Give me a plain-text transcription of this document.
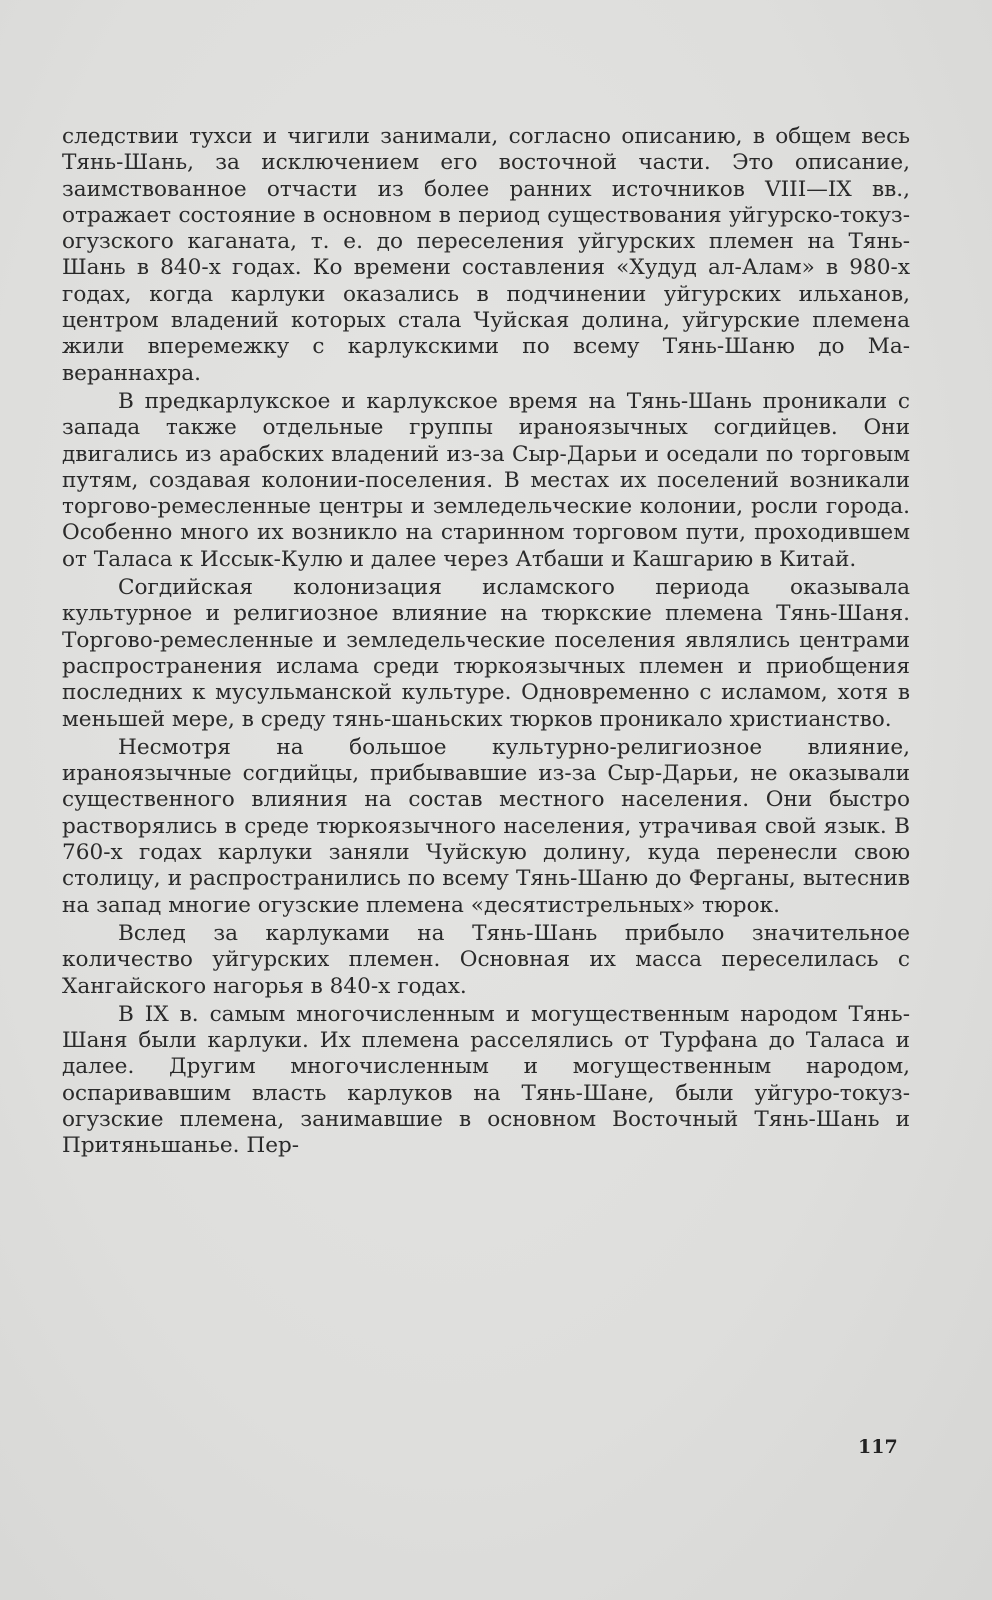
следствии тухси и чигили занимали, согласно описанию, в общем весь Тянь-Шань, за исключением его восточной части. Это описание, заимствованное отчасти из более ранних источников VIII—IX вв., отражает состояние в основном в период существования уйгурско-токуз-огузского каганата, т. е. до переселения уйгурских племен на Тянь-Шань в 840-х годах. Ко времени составления «Худуд ал-Алам» в 980-х годах, когда карлуки оказались в подчинении уйгурских ильханов, центром владений которых стала Чуйская долина, уйгурские племена жили вперемежку с карлукскими по всему Тянь-Шаню до Мавераннахра.

В предкарлукское и карлукское время на Тянь-Шань проникали с запада также отдельные группы ираноязычных согдийцев. Они двигались из арабских владений из-за Сыр-Дарьи и оседали по торговым путям, создавая колонии-поселения. В местах их поселений возникали торгово-ремесленные центры и земледельческие колонии, росли города. Особенно много их возникло на старинном торговом пути, проходившем от Таласа к Иссык-Кулю и далее через Атбаши и Кашгарию в Китай.

Согдийская колонизация исламского периода оказывала культурное и религиозное влияние на тюркские племена Тянь-Шаня. Торгово-ремесленные и земледельческие поселения являлись центрами распространения ислама среди тюркоязычных племен и приобщения последних к мусульманской культуре. Одновременно с исламом, хотя в меньшей мере, в среду тянь-шаньских тюрков проникало христианство.

Несмотря на большое культурно-религиозное влияние, ираноязычные согдийцы, прибывавшие из-за Сыр-Дарьи, не оказывали существенного влияния на состав местного населения. Они быстро растворялись в среде тюркоязычного населения, утрачивая свой язык. В 760-х годах карлуки заняли Чуйскую долину, куда перенесли свою столицу, и распространились по всему Тянь-Шаню до Ферганы, вытеснив на запад многие огузские племена «десятистрельных» тюрок.

Вслед за карлуками на Тянь-Шань прибыло значительное количество уйгурских племен. Основная их масса переселилась с Хангайского нагорья в 840-х годах.

В IX в. самым многочисленным и могущественным народом Тянь-Шаня были карлуки. Их племена расселялись от Турфана до Таласа и далее. Другим многочисленным и могущественным народом, оспаривавшим власть карлуков на Тянь-Шане, были уйгуро-токуз-огузские племена, занимавшие в основном Восточный Тянь-Шань и Притяньшанье. Пер-

117
